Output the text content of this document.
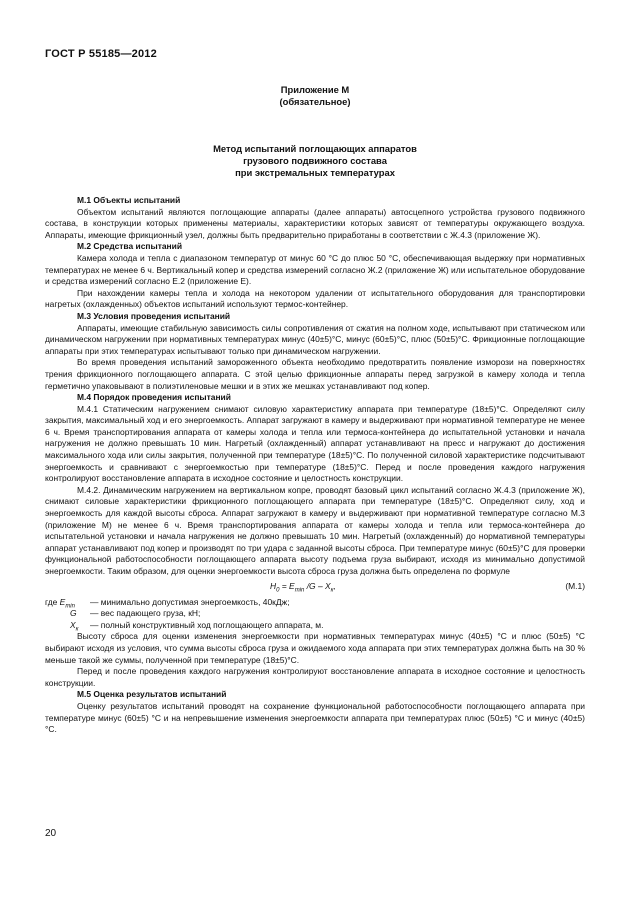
ГОСТ Р 55185—2012
Приложение М
(обязательное)
Метод испытаний поглощающих аппаратов
грузового подвижного состава
при экстремальных температурах

М.1 Объекты испытаний

Объектом испытаний являются поглощающие аппараты (далее аппараты) автосцепного устройства грузового подвижного состава, в конструкции которых применены материалы, характеристики которых зависят от температуры окружающего воздуха. Аппараты, имеющие фрикционный узел, должны быть предварительно приработаны в соответствии с Ж.4.3 (приложение Ж).

М.2 Средства испытаний

Камера холода и тепла с диапазоном температур от минус 60 °С до плюс 50 °С, обеспечивающая выдержку при нормативных температурах не менее 6 ч. Вертикальный копер и средства измерений согласно Ж.2 (приложение Ж) или испытательное оборудование и средства измерений согласно Е.2 (приложение Е).

При нахождении камеры тепла и холода на некотором удалении от испытательного оборудования для транспортировки нагретых (охлажденных) объектов испытаний используют термос-контейнер.

М.3 Условия проведения испытаний

Аппараты, имеющие стабильную зависимость силы сопротивления от сжатия на полном ходе, испытывают при статическом или динамическом нагружении при нормативных температурах минус (40±5)°С, минус (60±5)°С, плюс (50±5)°С. Фрикционные поглощающие аппараты при этих температурах испытывают только при динамическом нагружении.

Во время проведения испытаний замороженного объекта необходимо предотвратить появление изморози на поверхностях трения фрикционного поглощающего аппарата. С этой целью фрикционные аппараты перед загрузкой в камеру холода и тепла герметично упаковывают в полиэтиленовые мешки и в этих же мешках устанавливают под копер.

М.4 Порядок проведения испытаний

М.4.1 Статическим нагружением снимают силовую характеристику аппарата при температуре (18±5)°С. Определяют силу закрытия, максимальный ход и его энергоемкость. Аппарат загружают в камеру и выдерживают при нормативной температуре не менее 6 ч. Время транспортирования аппарата от камеры холода и тепла или термоса-контейнера до испытательной установки и начала нагружения не должно превышать 10 мин. Нагретый (охлажденный) аппарат устанавливают на пресс и нагружают до достижения максимального хода или силы закрытия, полученной при температуре (18±5)°С. По полученной силовой характеристике подсчитывают энергоемкость и сравнивают с энергоемкостью при температуре (18±5)°С. Перед и после проведения каждого нагружения контролируют восстановление аппарата в исходное состояние и целостность конструкции.

М.4.2. Динамическим нагружением на вертикальном копре, проводят базовый цикл испытаний согласно Ж.4.3 (приложение Ж), снимают силовые характеристики фрикционного поглощающего аппарата при температуре (18±5)°С. Определяют силу, ход и энергоемкость для каждой высоты сброса. Аппарат загружают в камеру и выдерживают при нормативной температуре согласно М.3 (приложение М) не менее 6 ч. Время транспортирования аппарата от камеры холода и тепла или термоса-контейнера до испытательной установки и начала нагружения не должно превышать 10 мин. Нагретый (охлажденный) до нормативной температуры аппарат устанавливают под копер и производят по три удара с заданной высоты сброса. При температуре минус (60±5)°С для проверки функциональной работоспособности поглощающего аппарата высоту подъема груза выбирают, исходя из минимально допустимой энергоемкости. Таким образом, для оценки энергоемкости высота сброса груза должна быть определена по формуле

$H_0 = E_{min}$ $/G - X_к$,	(М.1)
где $E_{min}$ — минимально допустимая энергоемкость, 40кДж;
G — вес падающего груза, кН;
$X_к$ — полный конструктивный ход поглощающего аппарата, м.

Высоту сброса для оценки изменения энергоемкости при нормативных температурах минус (40±5) °С и плюс (50±5) °С выбирают исходя из условия, что сумма высоты сброса груза и ожидаемого хода аппарата при этих температурах должна быть на 30 % меньше такой же суммы, полученной при температуре (18±5)°С.

Перед и после проведения каждого нагружения контролируют восстановление аппарата в исходное состояние и целостность конструкции.

М.5 Оценка результатов испытаний

Оценку результатов испытаний проводят на сохранение функциональной работоспособности поглощающего аппарата при температуре минус (60±5) °С и на непревышение изменения энергоемкости аппарата при температурах плюс (50±5) °С и минус (40±5) °С.

20
